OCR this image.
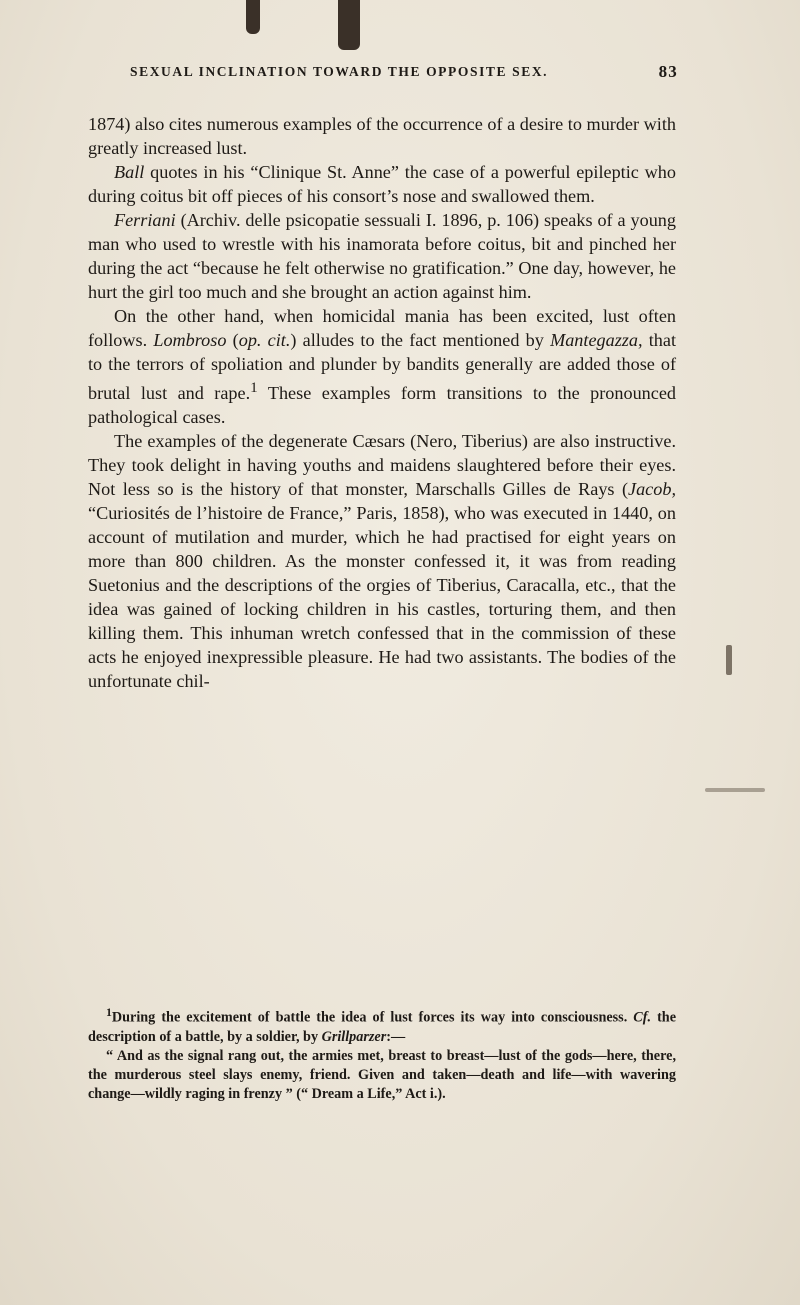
SEXUAL INCLINATION TOWARD THE OPPOSITE SEX.	83

1874) also cites numerous examples of the occurrence of a desire to murder with greatly increased lust.

Ball quotes in his “Clinique St. Anne” the case of a powerful epileptic who during coitus bit off pieces of his consort’s nose and swallowed them.

Ferriani (Archiv. delle psicopatie sessuali I. 1896, p. 106) speaks of a young man who used to wrestle with his inamorata before coitus, bit and pinched her during the act “because he felt otherwise no gratification.” One day, however, he hurt the girl too much and she brought an action against him.

On the other hand, when homicidal mania has been excited, lust often follows. Lombroso (op. cit.) alludes to the fact mentioned by Mantegazza, that to the terrors of spoliation and plunder by bandits generally are added those of brutal lust and rape.$^1$ These examples form transitions to the pronounced pathological cases.

The examples of the degenerate Cæsars (Nero, Tiberius) are also instructive. They took delight in having youths and maidens slaughtered before their eyes. Not less so is the history of that monster, Marschalls Gilles de Rays (Jacob, “Curiosités de l’histoire de France,” Paris, 1858), who was executed in 1440, on account of mutilation and murder, which he had practised for eight years on more than 800 children. As the monster confessed it, it was from reading Suetonius and the descriptions of the orgies of Tiberius, Caracalla, etc., that the idea was gained of locking children in his castles, torturing them, and then killing them. This inhuman wretch confessed that in the commission of these acts he enjoyed inexpressible pleasure. He had two assistants. The bodies of the unfortunate chil-

$^1$During the excitement of battle the idea of lust forces its way into consciousness. Cf. the description of a battle, by a soldier, by Grillparzer:—

“ And as the signal rang out, the armies met, breast to breast—lust of the gods—here, there, the murderous steel slays enemy, friend. Given and taken—death and life—with wavering change—wildly raging in frenzy ” (“ Dream a Life,” Act i.).
